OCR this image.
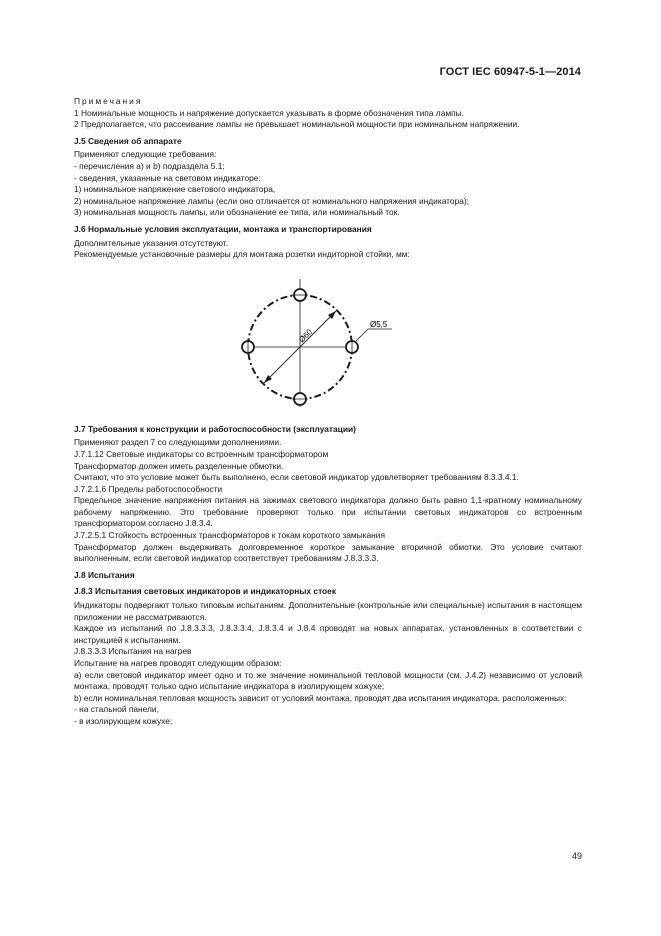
ГОСТ IEC 60947-5-1—2014

Примечания

1 Номинальные мощность и напряжение допускается указывать в форме обозначения типа лампы.

2 Предполагается, что рассеивание лампы не превышает номинальной мощности при номинальном напряжении.

J.5 Сведения об аппарате

Применяют следующие требования:

- перечисления a) и b) подраздела 5.1;

- сведения, указанные на световом индикаторе:

1) номинальное напряжение светового индикатора,

2) номинальное напряжение лампы (если оно отличается от номинального напряжения индикатора);

3) номинальная мощность лампы, или обозначение ее типа, или номинальный ток.

J.6 Нормальные условия эксплуатации, монтажа и транспортирования

Дополнительные указания отсутствуют.

Рекомендуемые установочные размеры для монтажа розетки индиторной стойки, мм:

Ø60
Ø5,5

J.7 Требования к конструкции и работоспособности (эксплуатации)

Применяют раздел 7 со следующими дополнениями.

J.7.1.12 Световые индикаторы со встроенным трансформатором

Трансформатор должен иметь разделенные обмотки.

Считают, что это условие может быть выполнено, если световой индикатор удовлетворяет требованиям 8.3.3.4.1.

J.7.2.1.6 Пределы работоспособности

Предельное значение напряжения питания на зажимах светового индикатора должно быть равно 1,1-кратному номинальному рабочему напряжению. Это требование проверяют только при испытании световых индикаторов со встроенным трансформатором согласно J.8.3.4.

J.7.2.5.1 Стойкость встроенных трансформаторов к токам короткого замыкания

Трансформатор должен выдерживать долговременное короткое замыкание вторичной обмотки. Это условие считают выполненным, если световой индикатор соответствует требованиям J.8.3.3.3.

J.8 Испытания

J.8.3 Испытания световых индикаторов и индикаторных стоек

Индикаторы подвергают только типовым испытаниям. Дополнительные (контрольные или специальные) испытания в настоящем приложении не рассматриваются.

Каждое из испытаний по J.8.3.3.3, J.8.3.3.4, J.8.3.4 и J.8.4 проводят на новых аппаратах, установленных в соответствии с инструкцией к испытаниям.

J.8.3.3.3 Испытания на нагрев

Испытание на нагрев проводят следующим образом:

a) если световой индикатор имеет одно и то же значение номинальной тепловой мощности (см. J.4.2) независимо от условий монтажа, проводят только одно испытание индикатора в изолирующем кожухе;

b) если номинальная тепловая мощность зависит от условий монтажа, проводят два испытания индикатора, расположенных:

- на стальной панели,

- в изолирующем кожухе;

49
